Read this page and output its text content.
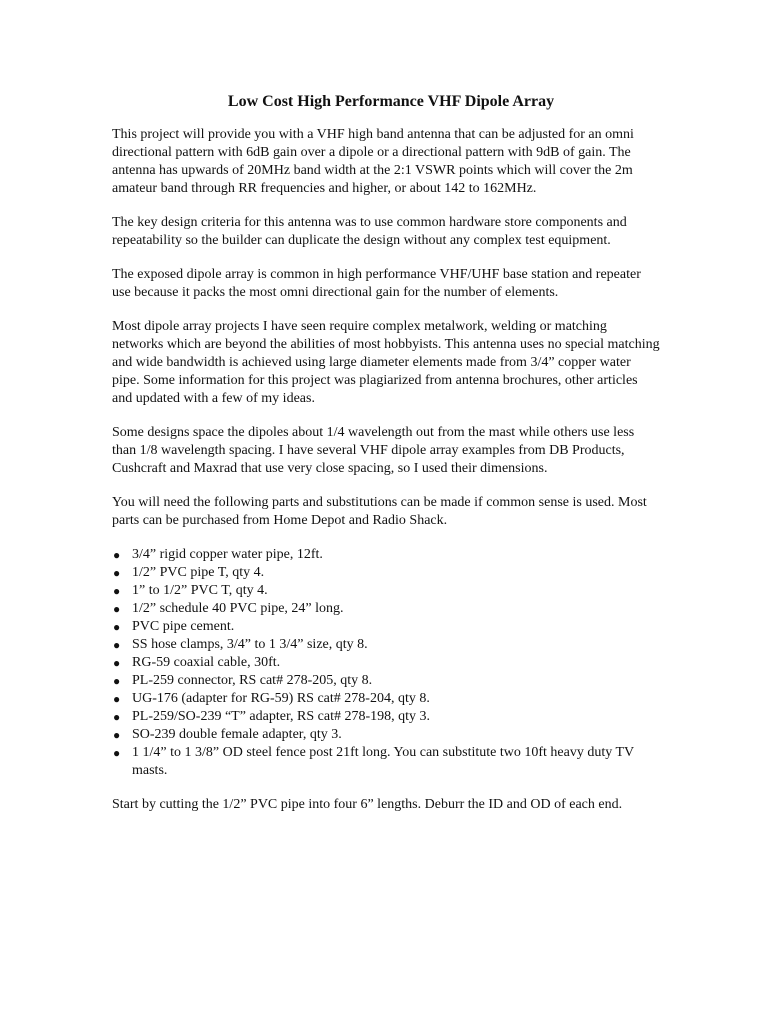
Low Cost High Performance VHF Dipole Array

This project will provide you with a VHF high band antenna that can be adjusted for an omni directional pattern with 6dB gain over a dipole or a directional pattern with 9dB of gain. The antenna has upwards of 20MHz band width at the 2:1 VSWR points which will cover the 2m amateur band through RR frequencies and higher, or about 142 to 162MHz.

The key design criteria for this antenna was to use common hardware store components and repeatability so the builder can duplicate the design without any complex test equipment.

The exposed dipole array is common in high performance VHF/UHF base station and repeater use because it packs the most omni directional gain for the number of elements.

Most dipole array projects I have seen require complex metalwork, welding or matching networks which are beyond the abilities of most hobbyists. This antenna uses no special matching and wide bandwidth is achieved using large diameter elements made from 3/4” copper water pipe. Some information for this project was plagiarized from antenna brochures, other articles and updated with a few of my ideas.

Some designs space the dipoles about 1/4 wavelength out from the mast while others use less than 1/8 wavelength spacing. I have several VHF dipole array examples from DB Products, Cushcraft and Maxrad that use very close spacing, so I used their dimensions.

You will need the following parts and substitutions can be made if common sense is used. Most parts can be purchased from Home Depot and Radio Shack.

● 3/4” rigid copper water pipe, 12ft.
● 1/2” PVC pipe T, qty 4.
● 1” to 1/2” PVC T, qty 4.
● 1/2” schedule 40 PVC pipe, 24” long.
● PVC pipe cement.
● SS hose clamps, 3/4” to 1 3/4” size, qty 8.
● RG-59 coaxial cable, 30ft.
● PL-259 connector, RS cat# 278-205, qty 8.
● UG-176 (adapter for RG-59) RS cat# 278-204, qty 8.
● PL-259/SO-239 “T” adapter, RS cat# 278-198, qty 3.
● SO-239 double female adapter, qty 3.
● 1 1/4” to 1 3/8” OD steel fence post 21ft long. You can substitute two 10ft heavy duty TV masts.

Start by cutting the 1/2” PVC pipe into four 6” lengths. Deburr the ID and OD of each end.
